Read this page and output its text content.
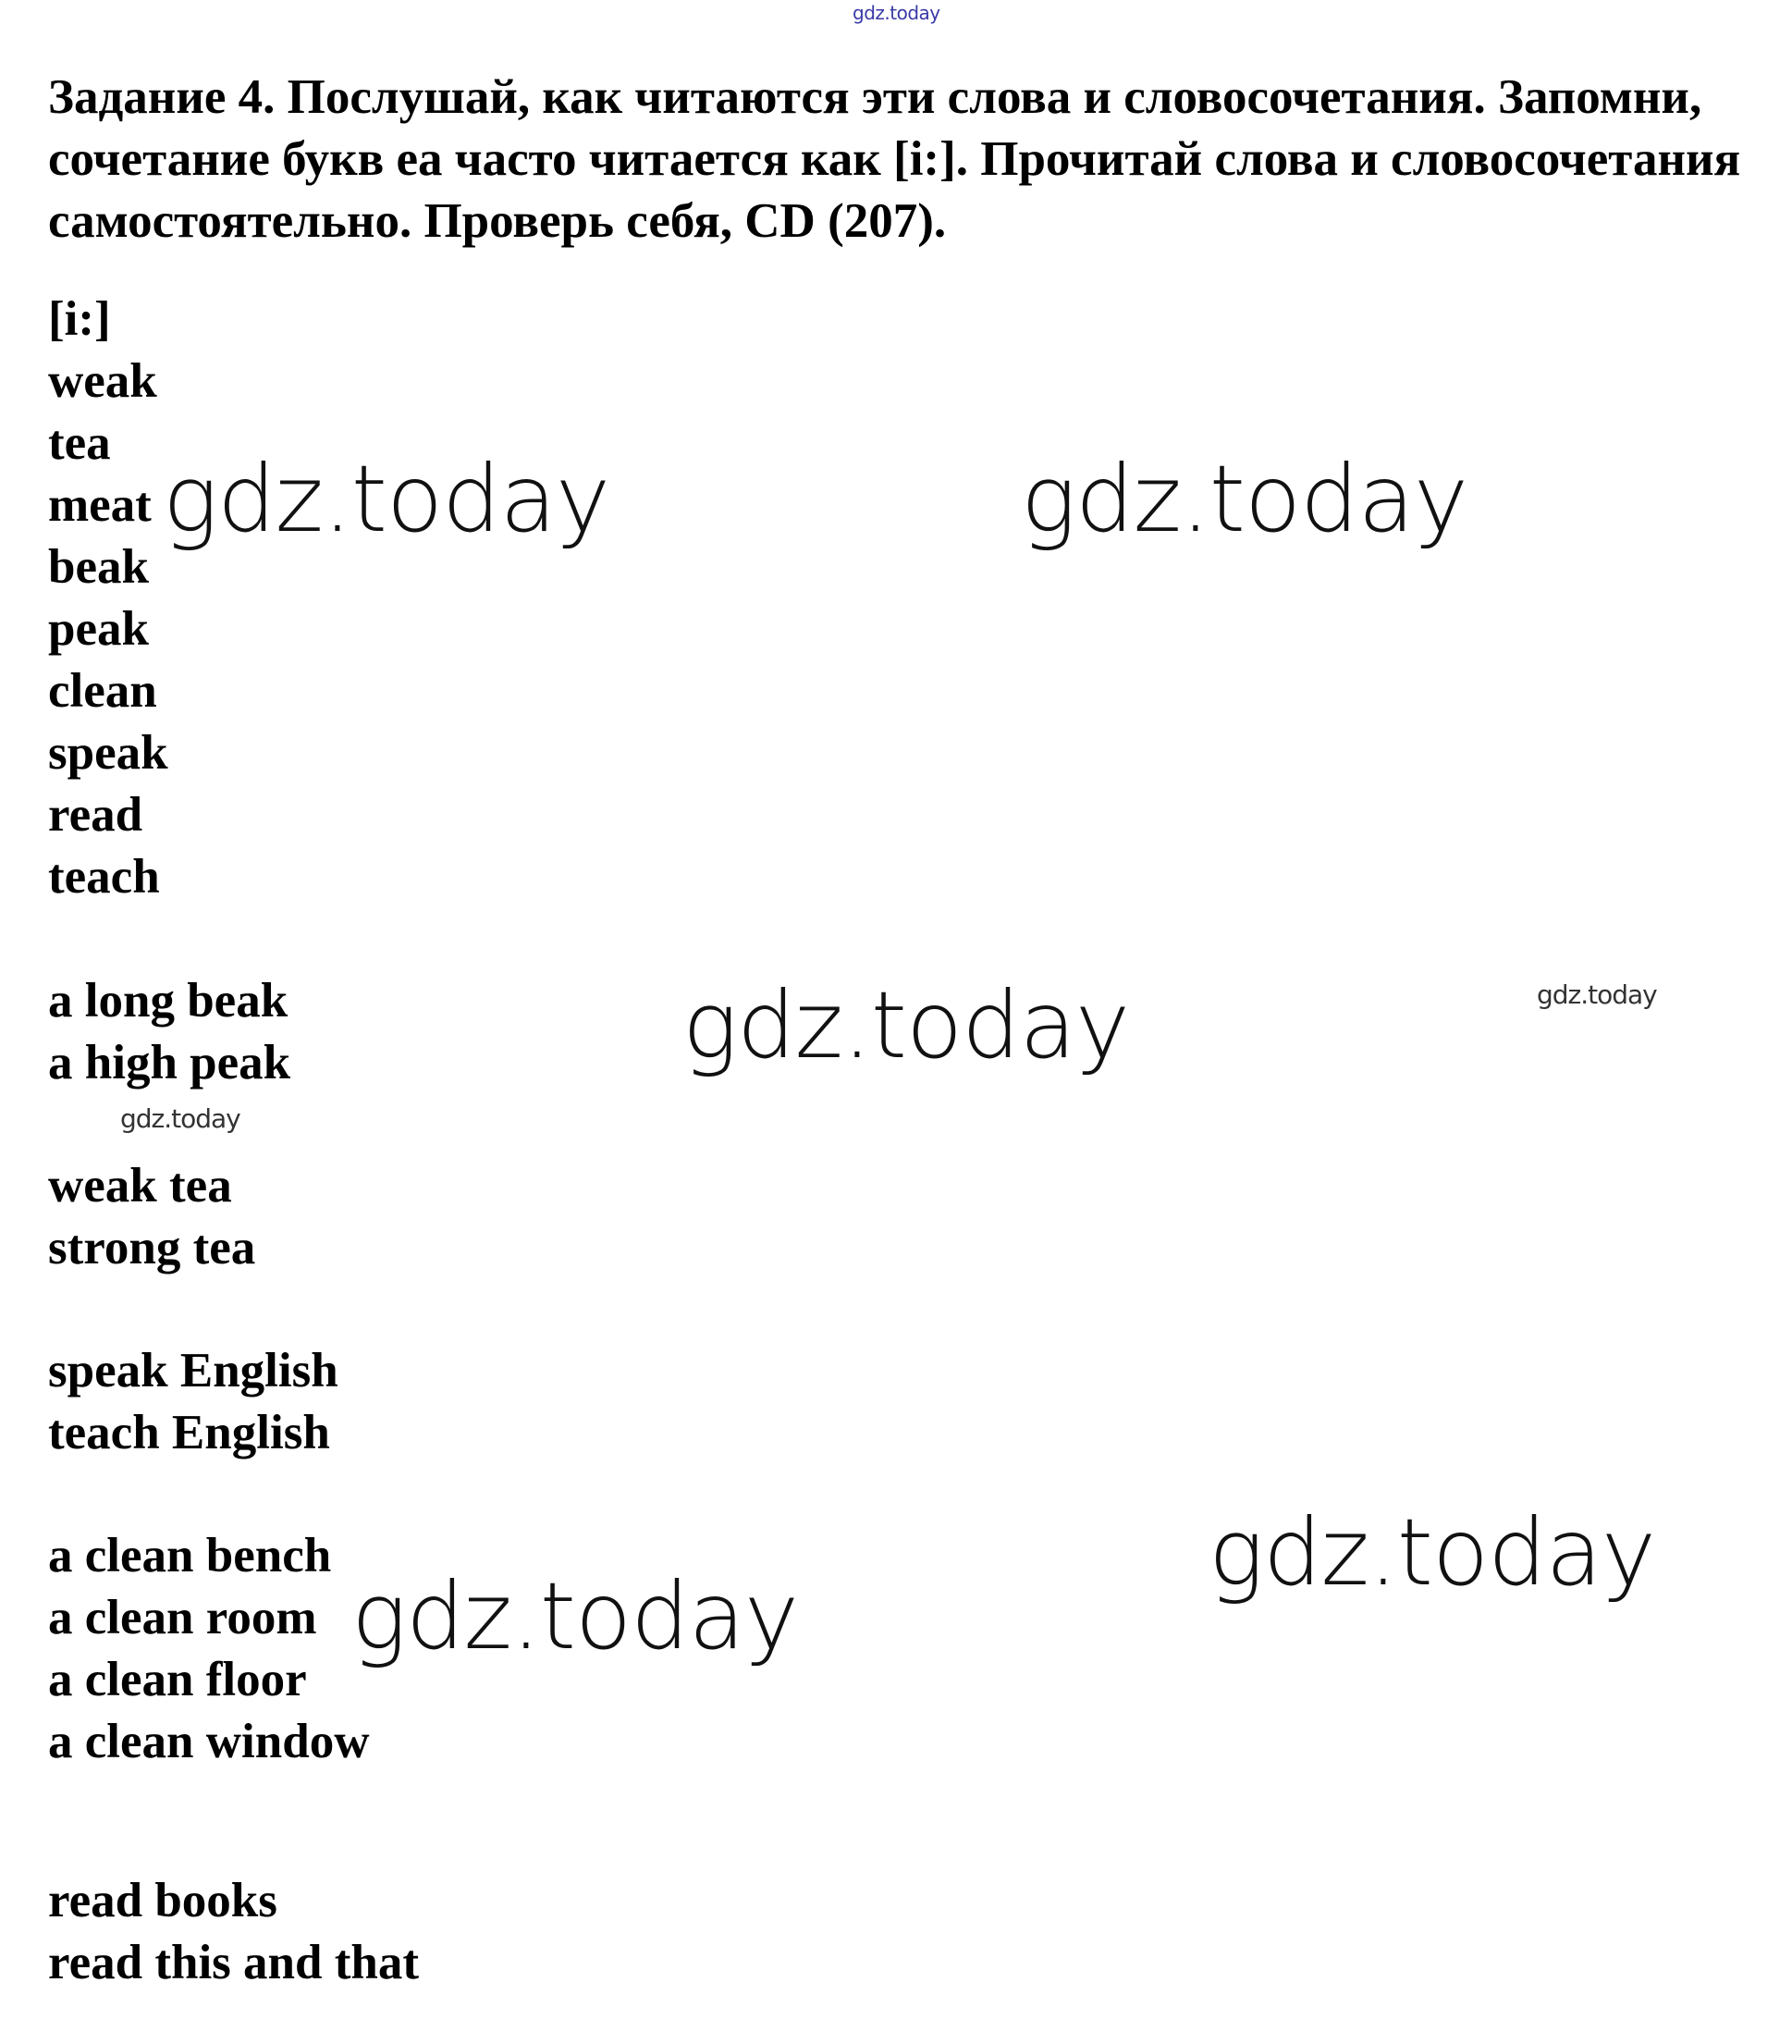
gdz.today

Задание 4. Послушай, как читаются эти слова и словосочетания. Запомни, сочетание букв ea часто читается как [i:]. Прочитай слова и словосочетания самостоятельно. Проверь себя, CD (207).

[i:]
weak
tea
meat
beak
peak
clean
speak
read
teach
a long beak
a high peak
weak tea
strong tea
speak English
teach English
a clean bench
a clean room
a clean floor
a clean window
read books
read this and that
gdz.today	gdz.today
gdz.today	gdz.today
gdz.today
gdz.today
gdz.today
